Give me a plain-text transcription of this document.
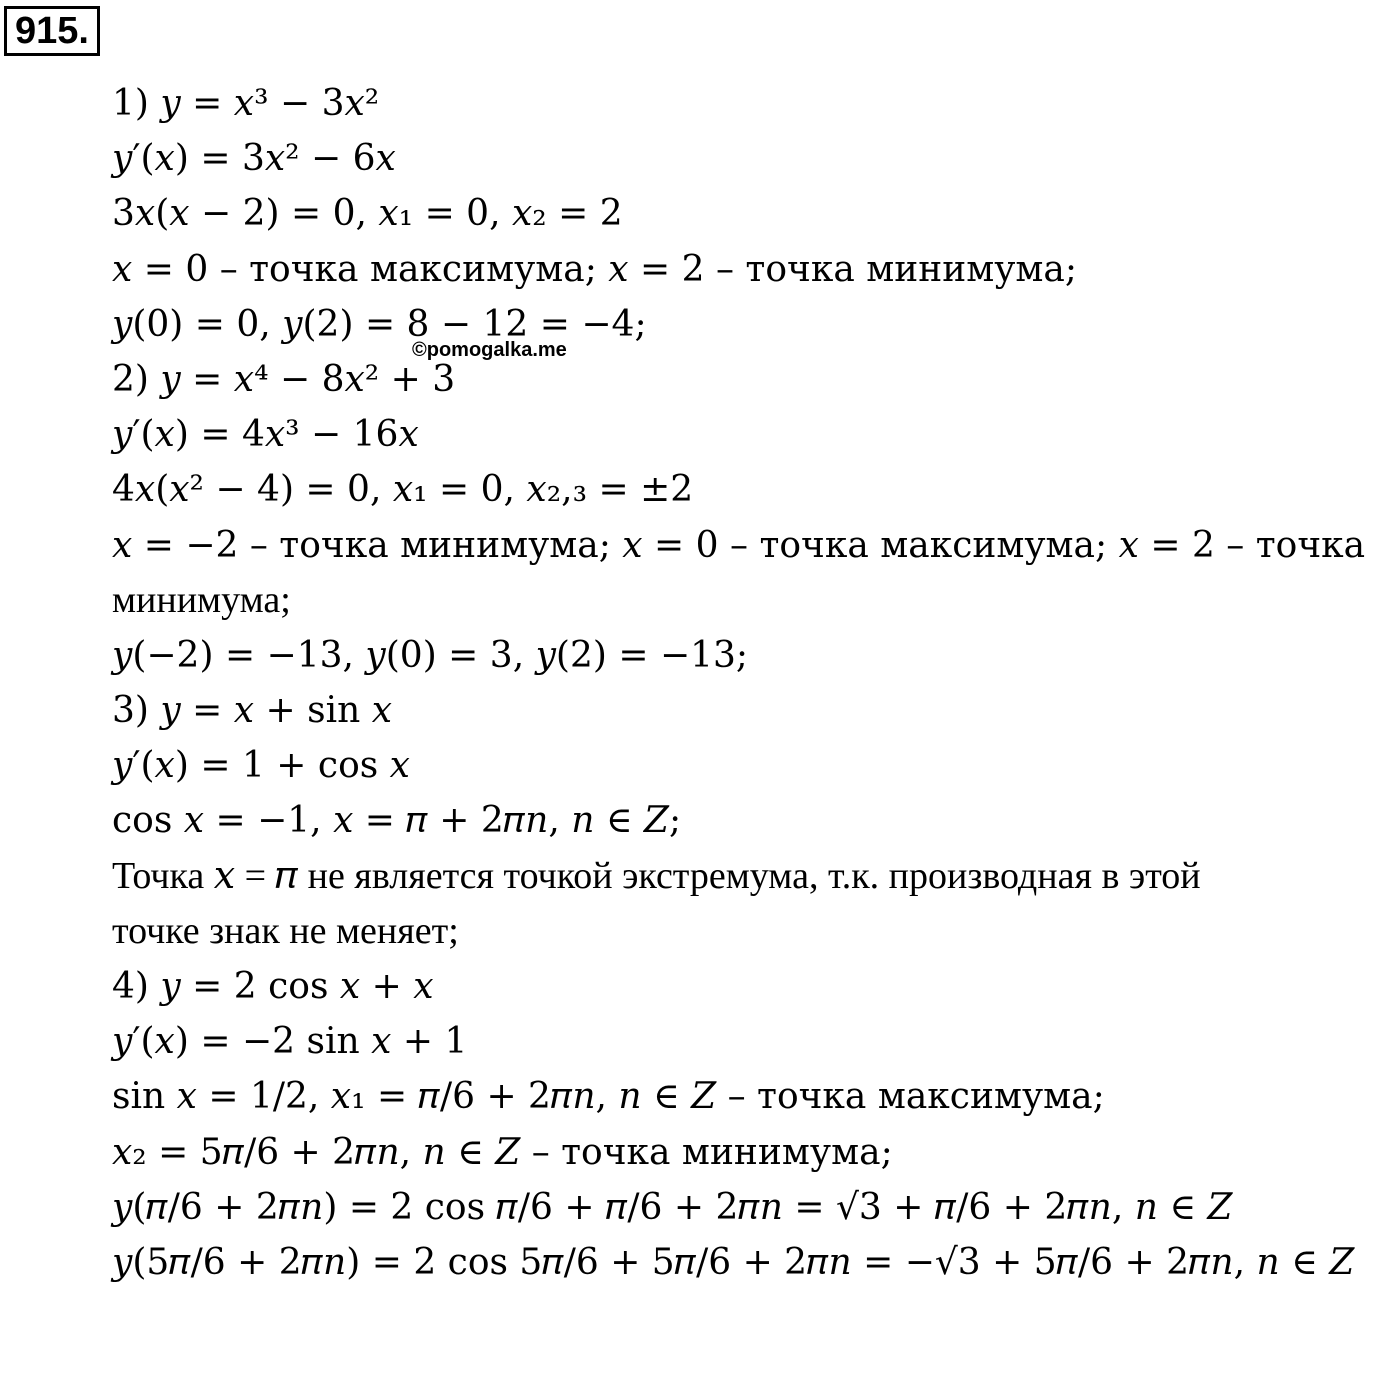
915.
1) 𝑦 = 𝑥³ − 3𝑥²
𝑦′(𝑥) = 3𝑥² − 6𝑥
3𝑥(𝑥 − 2) = 0, 𝑥₁ = 0, 𝑥₂ = 2
𝑥 = 0 – точка максимума; 𝑥 = 2 – точка минимума;
𝑦(0) = 0, 𝑦(2) = 8 − 12 = −4;
2) 𝑦 = 𝑥⁴ − 8𝑥² + 3
𝑦′(𝑥) = 4𝑥³ − 16𝑥
4𝑥(𝑥² − 4) = 0, 𝑥₁ = 0, 𝑥₂,₃ = ±2
𝑥 = −2 – точка минимума; 𝑥 = 0 – точка максимума; 𝑥 = 2 – точка
минимума;
𝑦(−2) = −13, 𝑦(0) = 3, 𝑦(2) = −13;
3) 𝑦 = 𝑥 + sin 𝑥
𝑦′(𝑥) = 1 + cos 𝑥
cos 𝑥 = −1, 𝑥 = 𝜋 + 2𝜋𝑛, 𝑛 ∈ 𝑍;
Точка 𝑥 = 𝜋 не является точкой экстремума, т.к. производная в этой
точке знак не меняет;
4) 𝑦 = 2 cos 𝑥 + 𝑥
𝑦′(𝑥) = −2 sin 𝑥 + 1
sin 𝑥 = 1/2, 𝑥₁ = 𝜋/6 + 2𝜋𝑛, 𝑛 ∈ 𝑍 – точка максимума;
𝑥₂ = 5𝜋/6 + 2𝜋𝑛, 𝑛 ∈ 𝑍 – точка минимума;
𝑦(𝜋/6 + 2𝜋𝑛) = 2 cos 𝜋/6 + 𝜋/6 + 2𝜋𝑛 = √3 + 𝜋/6 + 2𝜋𝑛, 𝑛 ∈ 𝑍
𝑦(5𝜋/6 + 2𝜋𝑛) = 2 cos 5𝜋/6 + 5𝜋/6 + 2𝜋𝑛 = −√3 + 5𝜋/6 + 2𝜋𝑛, 𝑛 ∈ 𝑍
©pomogalka.me
